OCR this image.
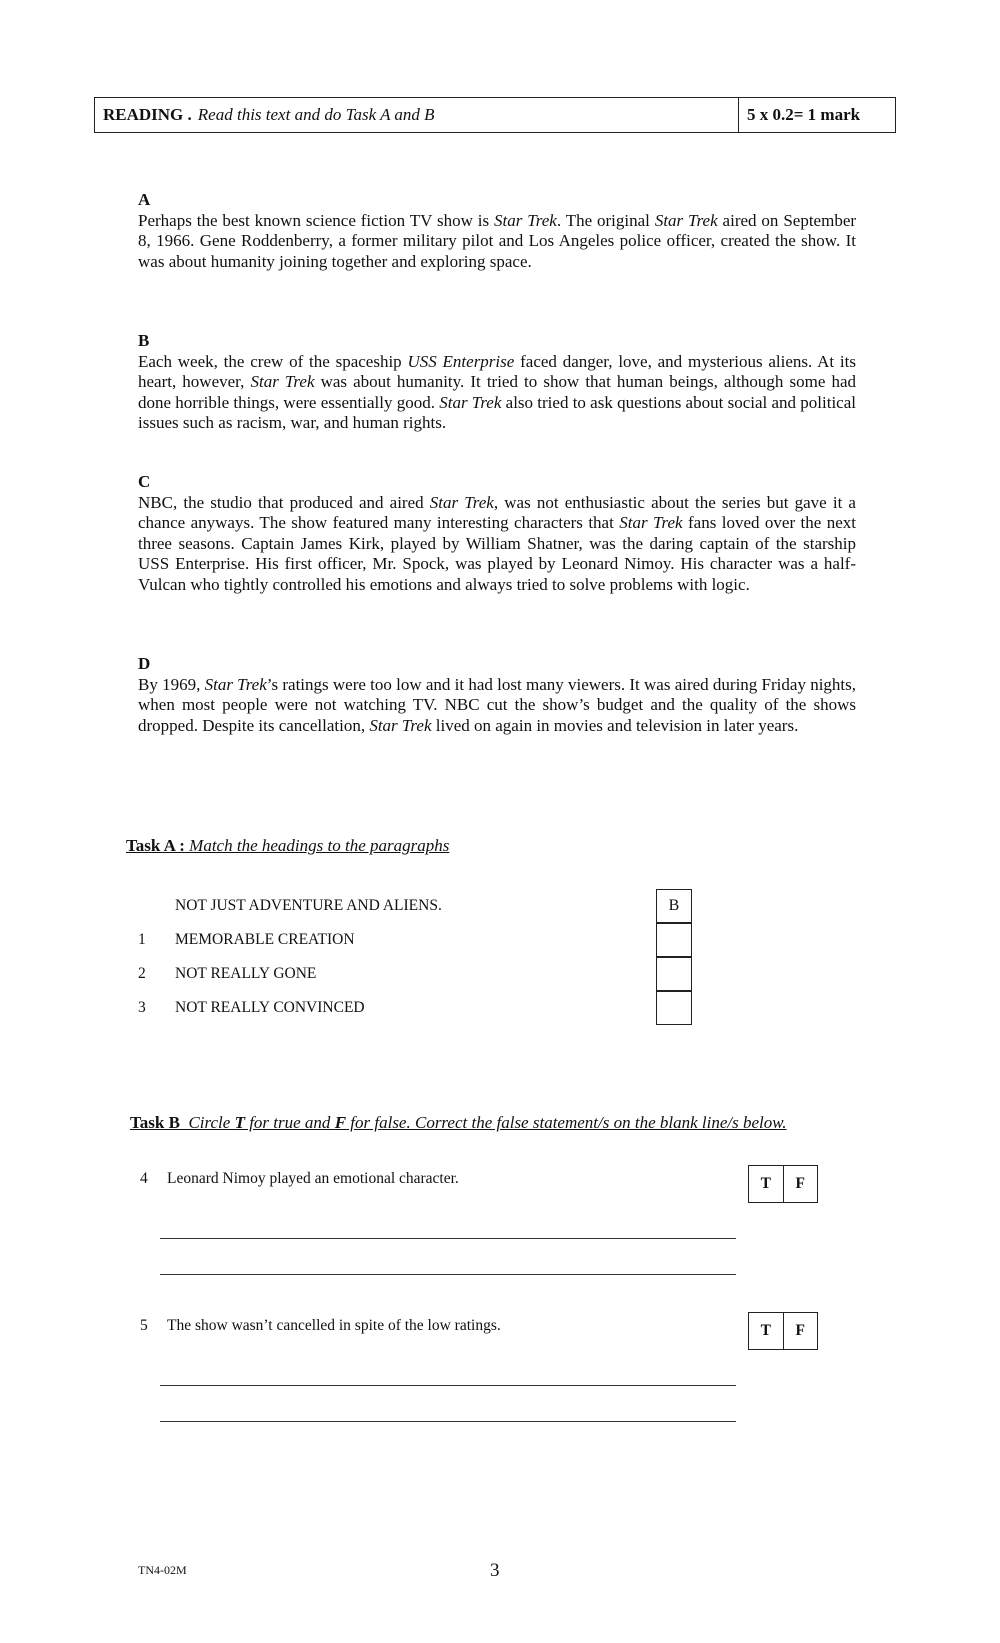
READING . Read this text and do Task A and B	5 x 0.2= 1 mark
A
Perhaps the best known science fiction TV show is Star Trek. The original Star Trek aired on September 8, 1966. Gene Roddenberry, a former military pilot and Los Angeles police officer, created the show. It was about humanity joining together and exploring space.
B
Each week, the crew of the spaceship USS Enterprise faced danger, love, and mysterious aliens. At its heart, however, Star Trek was about humanity. It tried to show that human beings, although some had done horrible things, were essentially good. Star Trek also tried to ask questions about social and political issues such as racism, war, and human rights.
C
NBC, the studio that produced and aired Star Trek, was not enthusiastic about the series but gave it a chance anyways. The show featured many interesting characters that Star Trek fans loved over the next three seasons. Captain James Kirk, played by William Shatner, was the daring captain of the starship USS Enterprise. His first officer, Mr. Spock, was played by Leonard Nimoy. His character was a half-Vulcan who tightly controlled his emotions and always tried to solve problems with logic.
D
By 1969, Star Trek’s ratings were too low and it had lost many viewers. It was aired during Friday nights, when most people were not watching TV. NBC cut the show’s budget and the quality of the shows dropped. Despite its cancellation, Star Trek lived on again in movies and television in later years.
Task A : Match the headings to the paragraphs
NOT JUST ADVENTURE AND ALIENS.	B
1	MEMORABLE CREATION
2	NOT REALLY GONE
3	NOT REALLY CONVINCED
Task B Circle T for true and F for false. Correct the false statement/s on the blank line/s below.
4	Leonard Nimoy played an emotional character.	T	F
5	The show wasn’t cancelled in spite of the low ratings.	T	F
TN4-02M	3
